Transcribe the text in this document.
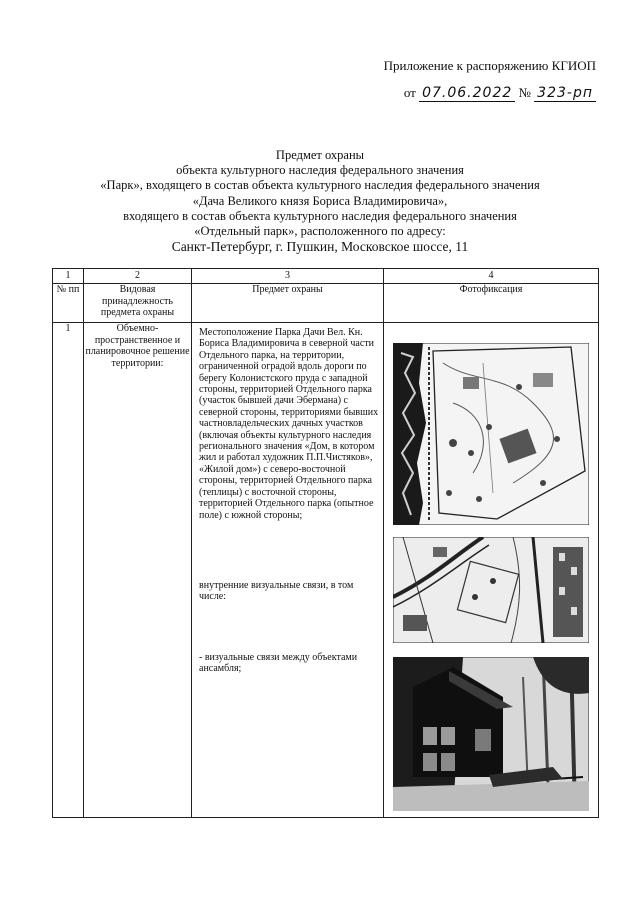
Приложение к распоряжению КГИОП
от 07.06.2022 № 323-рп
Предмет охраны
объекта культурного наследия федерального значения
«Парк», входящего в состав объекта культурного наследия федерального значения
«Дача Великого князя Бориса Владимировича»,
входящего в состав объекта культурного наследия федерального значения
«Отдельный парк», расположенного по адресу:
Санкт-Петербург, г. Пушкин, Московское шоссе, 11
1	2	3	4
№ пп	Видовая принадлежность предмета охраны	Предмет охраны	Фотофиксация
1	Объемно-пространственное и планировочное решение территории:	Местоположение Парка Дачи Вел. Кн. Бориса Владимировича в северной части Отдельного парка, на территории, ограниченной оградой вдоль дороги по берегу Колонистского пруда с западной стороны, территорией Отдельного парка (участок бывшей дачи Эбермана) с северной стороны, территориями бывших частновладельческих дачных участков (включая объекты культурного наследия регионального значения «Дом, в котором жил и работал художник П.П.Чистяков», «Жилой дом») с северо-восточной стороны, территорией Отдельного парка (теплицы) с восточной стороны, территорией Отдельного парка (опытное поле) с южной стороны;
внутренние визуальные связи, в том числе:
- визуальные связи между объектами ансамбля;
